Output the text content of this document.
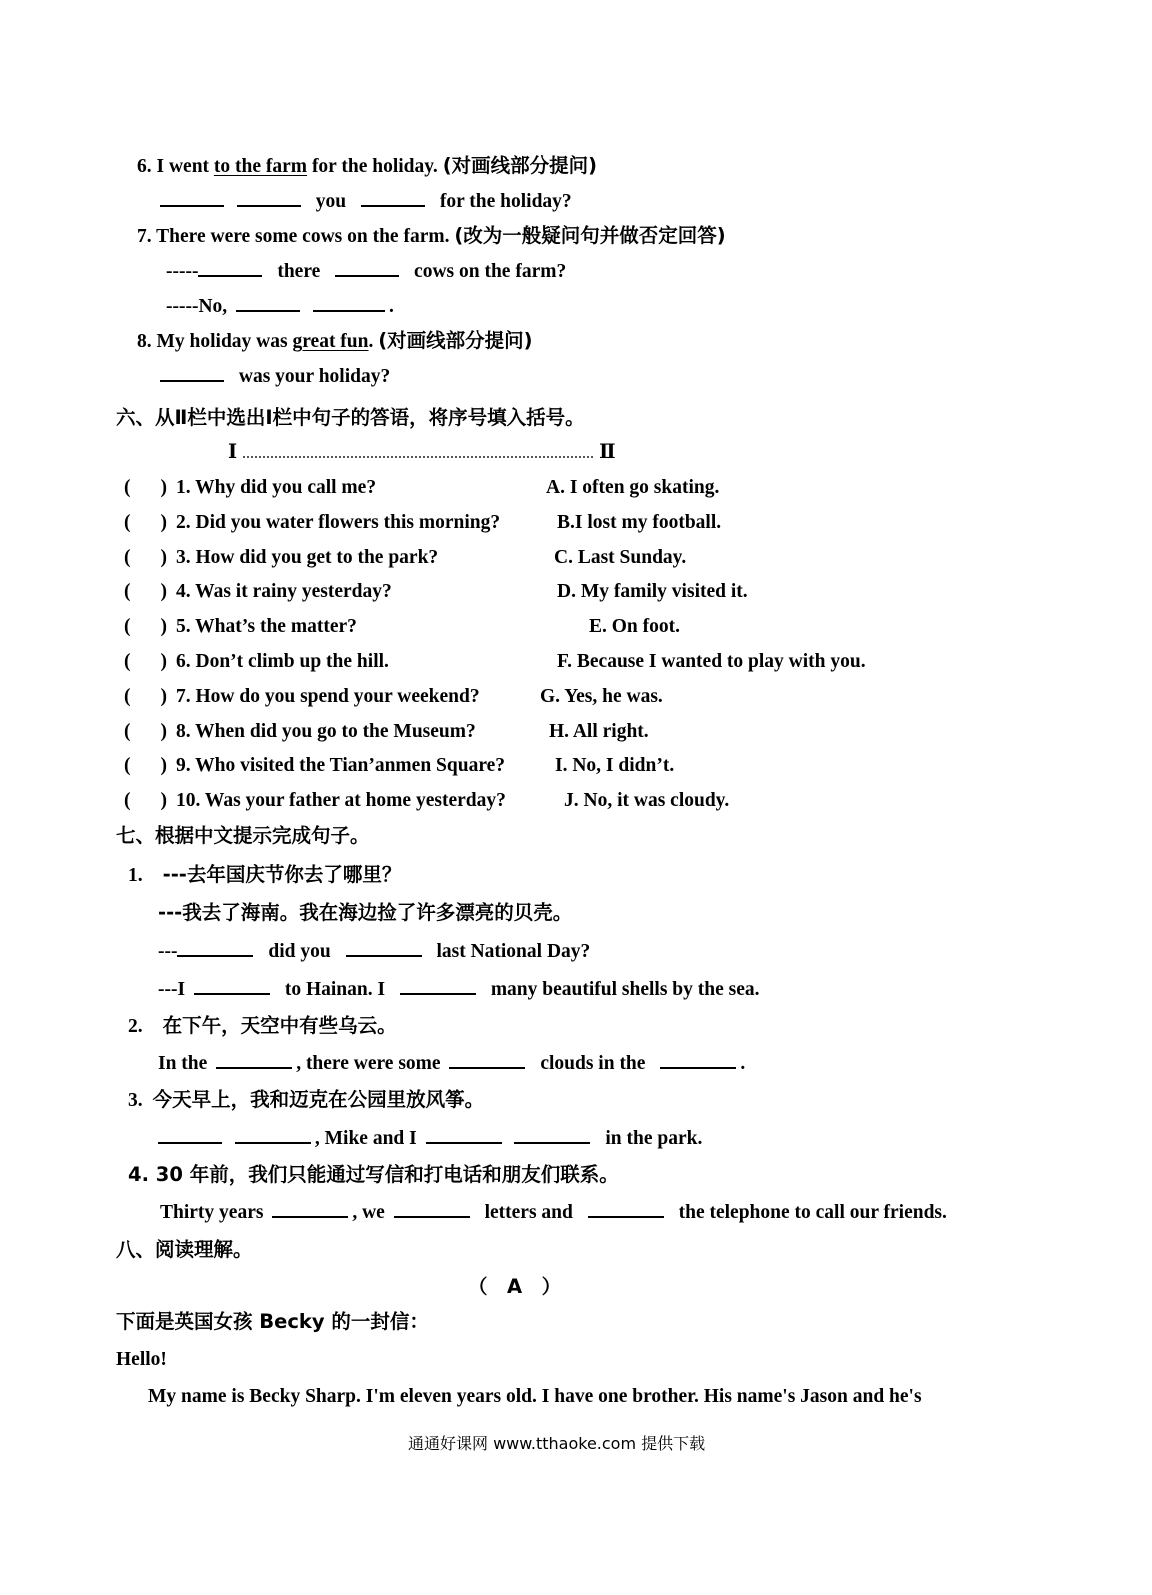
6. I went to the farm for the holiday. (对画线部分提问)
you	for the holiday?
7. There were some cows on the farm. (改为一般疑问句并做否定回答)
-----	there	cows on the farm?
-----No,	.
8. My holiday was great fun. (对画线部分提问)
was your holiday?
六、从Ⅱ栏中选出Ⅰ栏中句子的答语，将序号填入括号。
Ⅰ	Ⅱ
( ) 1. Why did you call me?	A. I often go skating.
( ) 2. Did you water flowers this morning?	B.I lost my football.
( ) 3. How did you get to the park?	C. Last Sunday.
( ) 4. Was it rainy yesterday?	D. My family visited it.
( ) 5. What’s the matter?	E. On foot.
( ) 6. Don’t climb up the hill.	F. Because I wanted to play with you.
( ) 7. How do you spend your weekend?	G. Yes, he was.
( ) 8. When did you go to the Museum?	H. All right.
( ) 9. Who visited the Tian’anmen Square?	I. No, I didn’t.
( ) 10. Was your father at home yesterday?	J. No, it was cloudy.
七、根据中文提示完成句子。
1. ---去年国庆节你去了哪里？
---我去了海南。我在海边捡了许多漂亮的贝壳。
---	did you	last National Day?
---I	to Hainan. I	many beautiful shells by the sea.
2. 在下午，天空中有些乌云。
In the	, there were some	clouds in the	.
3. 今天早上，我和迈克在公园里放风筝。
, Mike and I	in the park.
4. 30 年前，我们只能通过写信和打电话和朋友们联系。
Thirty years	, we	letters and	the telephone to call our friends.
八、阅读理解。
（　A　）
下面是英国女孩 Becky 的一封信：
Hello!
My name is Becky Sharp. I'm eleven years old. I have one brother. His name's Jason and he's
通通好课网 www.tthaoke.com 提供下载
